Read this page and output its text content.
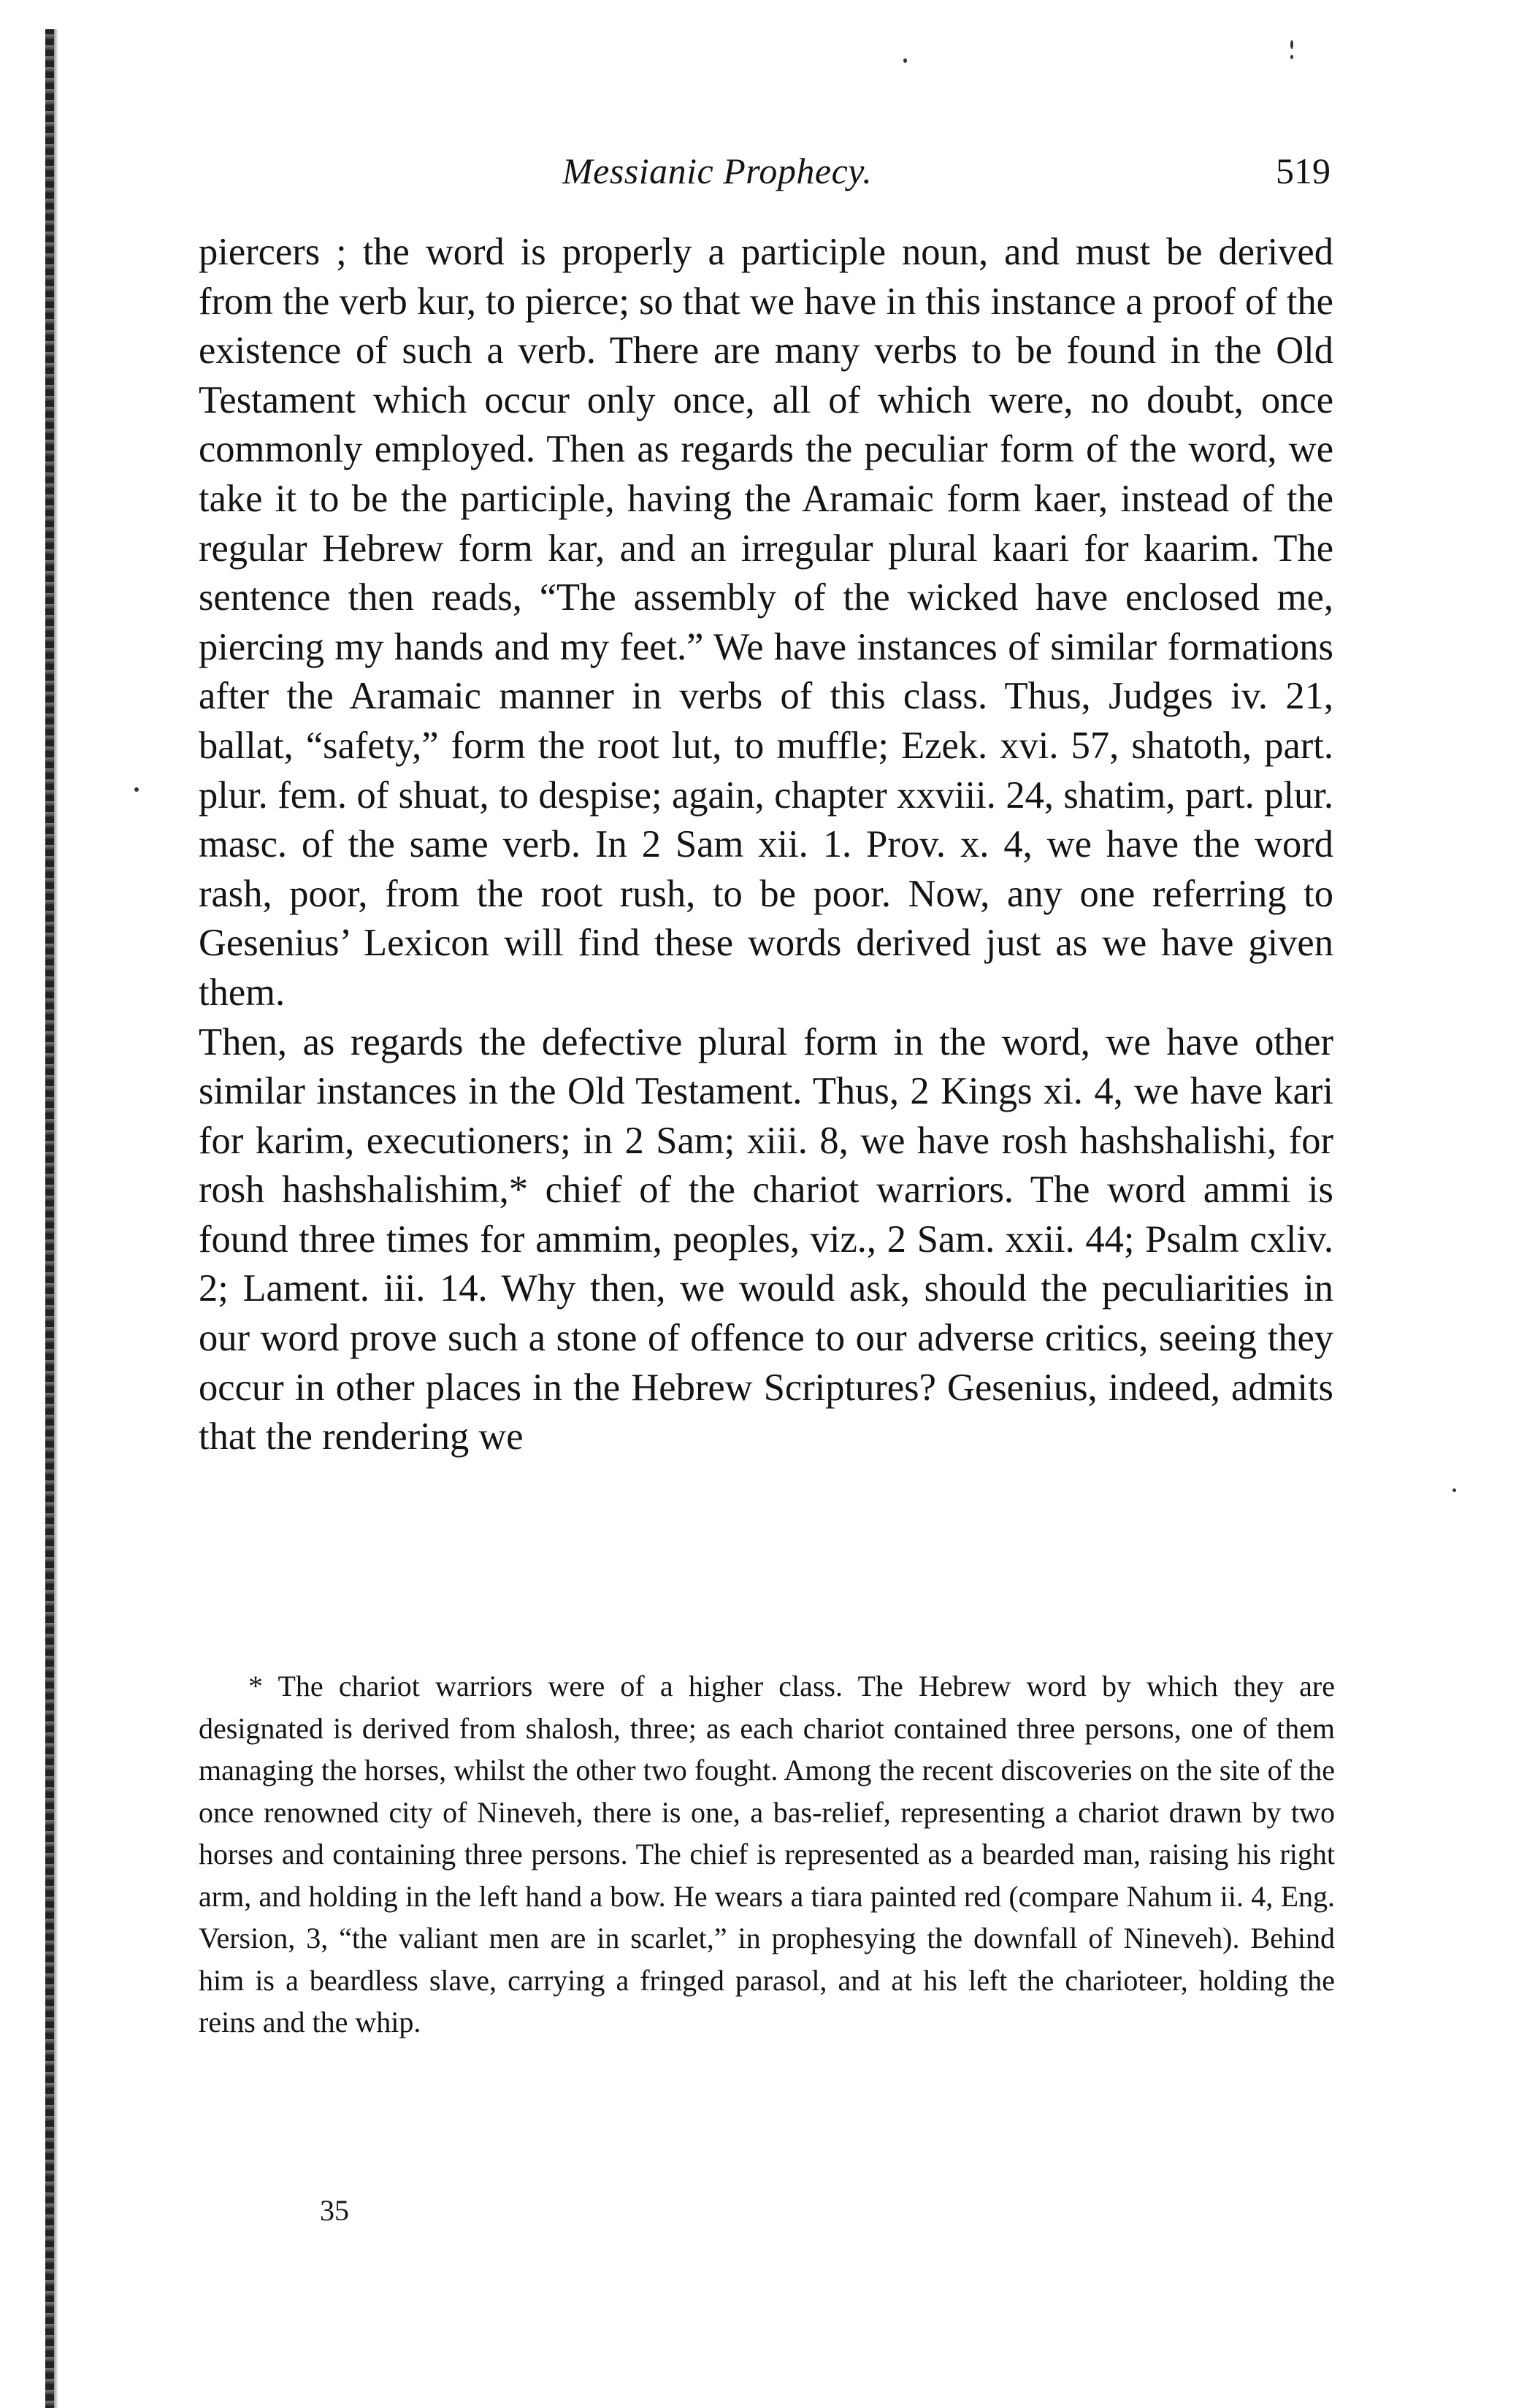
Messianic Prophecy.	519

piercers ; the word is properly a participle noun, and must be derived from the verb kur, to pierce; so that we have in this instance a proof of the existence of such a verb. There are many verbs to be found in the Old Testament which occur only once, all of which were, no doubt, once commonly employed. Then as regards the peculiar form of the word, we take it to be the participle, having the Aramaic form kaer, instead of the regular Hebrew form kar, and an irregular plural kaari for kaarim. The sentence then reads, “The assembly of the wicked have enclosed me, piercing my hands and my feet.” We have instances of similar formations after the Aramaic manner in verbs of this class. Thus, Judges iv. 21, ballat, “safety,” form the root lut, to muffle; Ezek. xvi. 57, shatoth, part. plur. fem. of shuat, to despise; again, chapter xxviii. 24, shatim, part. plur. masc. of the same verb. In 2 Sam xii. 1. Prov. x. 4, we have the word rash, poor, from the root rush, to be poor. Now, any one referring to Gesenius’ Lexicon will find these words derived just as we have given them.

Then, as regards the defective plural form in the word, we have other similar instances in the Old Testament. Thus, 2 Kings xi. 4, we have kari for karim, executioners; in 2 Sam; xiii. 8, we have rosh hashshalishi, for rosh hashshalishim,* chief of the chariot warriors. The word ammi is found three times for ammim, peoples, viz., 2 Sam. xxii. 44; Psalm cxliv. 2; Lament. iii. 14. Why then, we would ask, should the peculiarities in our word prove such a stone of offence to our adverse critics, seeing they occur in other places in the Hebrew Scriptures? Gesenius, indeed, admits that the rendering we

* The chariot warriors were of a higher class. The Hebrew word by which they are designated is derived from shalosh, three; as each chariot contained three persons, one of them managing the horses, whilst the other two fought. Among the recent discoveries on the site of the once renowned city of Nineveh, there is one, a bas-relief, representing a chariot drawn by two horses and containing three persons. The chief is represented as a bearded man, raising his right arm, and holding in the left hand a bow. He wears a tiara painted red (compare Nahum ii. 4, Eng. Version, 3, “the valiant men are in scarlet,” in prophesying the downfall of Nineveh). Behind him is a beardless slave, carrying a fringed parasol, and at his left the charioteer, holding the reins and the whip.

35
